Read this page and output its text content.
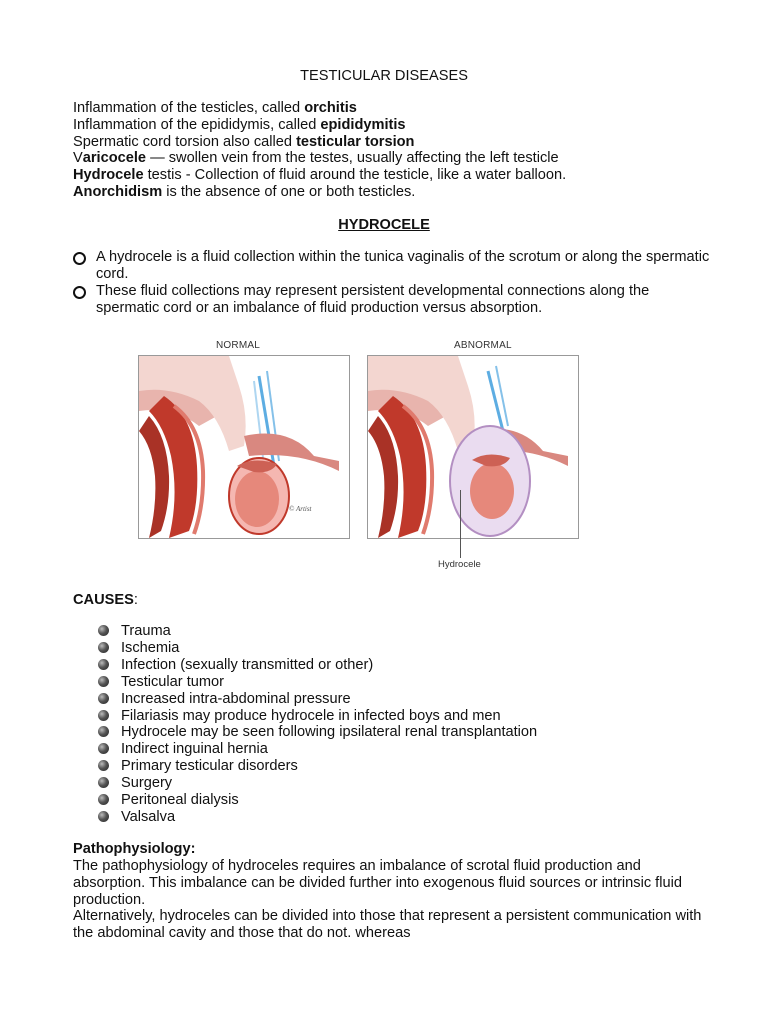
TESTICULAR DISEASES
Inflammation of the testicles, called orchitis
Inflammation of the epididymis, called epididymitis
Spermatic cord torsion also called testicular torsion
Varicocele — swollen vein from the testes, usually affecting the left testicle
Hydrocele testis - Collection of fluid around the testicle, like a water balloon.
Anorchidism is the absence of one or both testicles.
HYDROCELE
A hydrocele is a fluid collection within the tunica vaginalis of the scrotum or along the spermatic cord.
These fluid collections may represent persistent developmental connections along the spermatic cord or an imbalance of fluid production versus absorption.
NORMAL	ABNORMAL
© Artist
Hydrocele
CAUSES:
Trauma
Ischemia
Infection (sexually transmitted or other)
Testicular tumor
Increased intra-abdominal pressure
Filariasis may produce hydrocele in infected boys and men
Hydrocele may be seen following ipsilateral renal transplantation
Indirect inguinal hernia
Primary testicular disorders
Surgery
Peritoneal dialysis
Valsalva
Pathophysiology:
The pathophysiology of hydroceles requires an imbalance of scrotal fluid production and absorption. This imbalance can be divided further into exogenous fluid sources or intrinsic fluid production.
Alternatively, hydroceles can be divided into those that represent a persistent communication with the abdominal cavity and those that do not. whereas
